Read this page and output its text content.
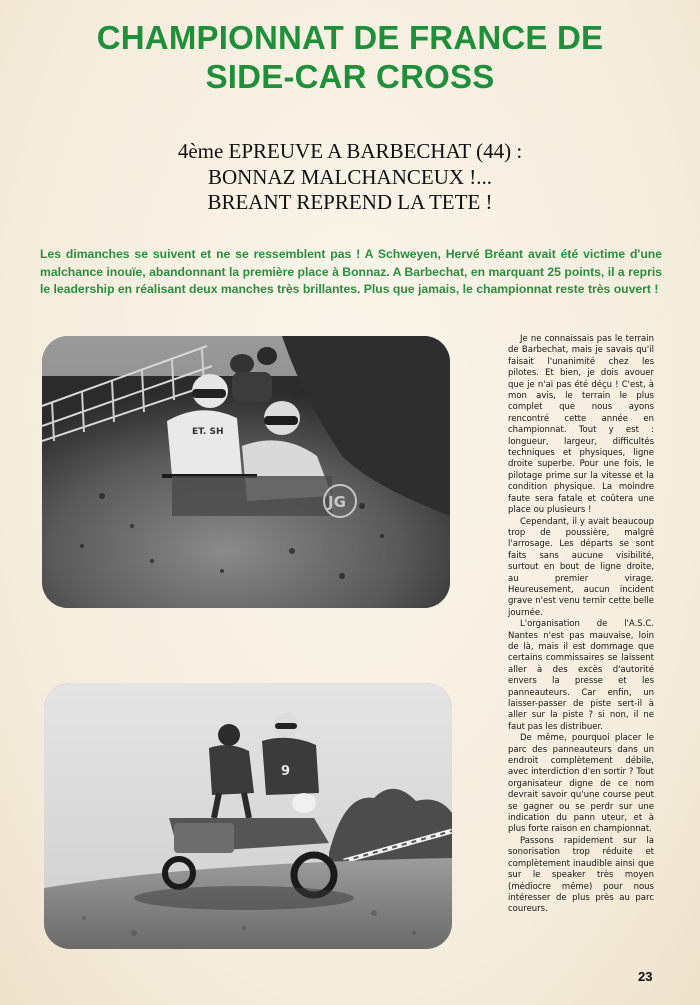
CHAMPIONNAT DE FRANCE DE
SIDE-CAR CROSS
4ème EPREUVE A BARBECHAT (44) :
BONNAZ MALCHANCEUX !...
BREANT REPREND LA TETE !

Les dimanches se suivent et ne se ressemblent pas ! A Schweyen, Hervé Bréant avait été victime d'une malchance inouïe, abandonnant la première place à Bonnaz. A Barbechat, en marquant 25 points, il a repris le leadership en réalisant deux manches très brillantes. Plus que jamais, le championnat reste très ouvert !

ET. SH
JG
9

Je ne connaissais pas le terrain de Barbechat, mais je savais qu'il faisait l'unanimité chez les pilotes. Et bien, je dois avouer que je n'ai pas été déçu ! C'est, à mon avis, le terrain le plus complet que nous ayons rencontré cette année en championnat. Tout y est : longueur, largeur, difficultés techniques et physiques, ligne droite superbe. Pour une fois, le pilotage prime sur la vitesse et la condition physique. La moindre faute sera fatale et coûtera une place ou plusieurs !

Cependant, il y avait beaucoup trop de poussière, malgré l'arrosage. Les départs se sont faits sans aucune visibilité, surtout en bout de ligne droite, au premier virage. Heureusement, aucun incident grave n'est venu ternir cette belle journée.

L'organisation de l'A.S.C. Nantes n'est pas mauvaise, loin de là, mais il est dommage que certains commissaires se laissent aller à des excès d'autorité envers la presse et les panneauteurs. Car enfin, un laisser-passer de piste sert-il à aller sur la piste ? si non, il ne faut pas les distribuer.

De même, pourquoi placer le parc des panneauteurs dans un endroit complètement débile, avec interdiction d'en sortir ? Tout organisateur digne de ce nom devrait savoir qu'une course peut se gagner ou se perdr sur une indication du pann uteur, et à plus forte raison en championnat.

Passons rapidement sur la sonorisation trop réduite et complètement inaudible ainsi que sur le speaker très moyen (médiocre même) pour nous intéresser de plus près au parc coureurs.

23
